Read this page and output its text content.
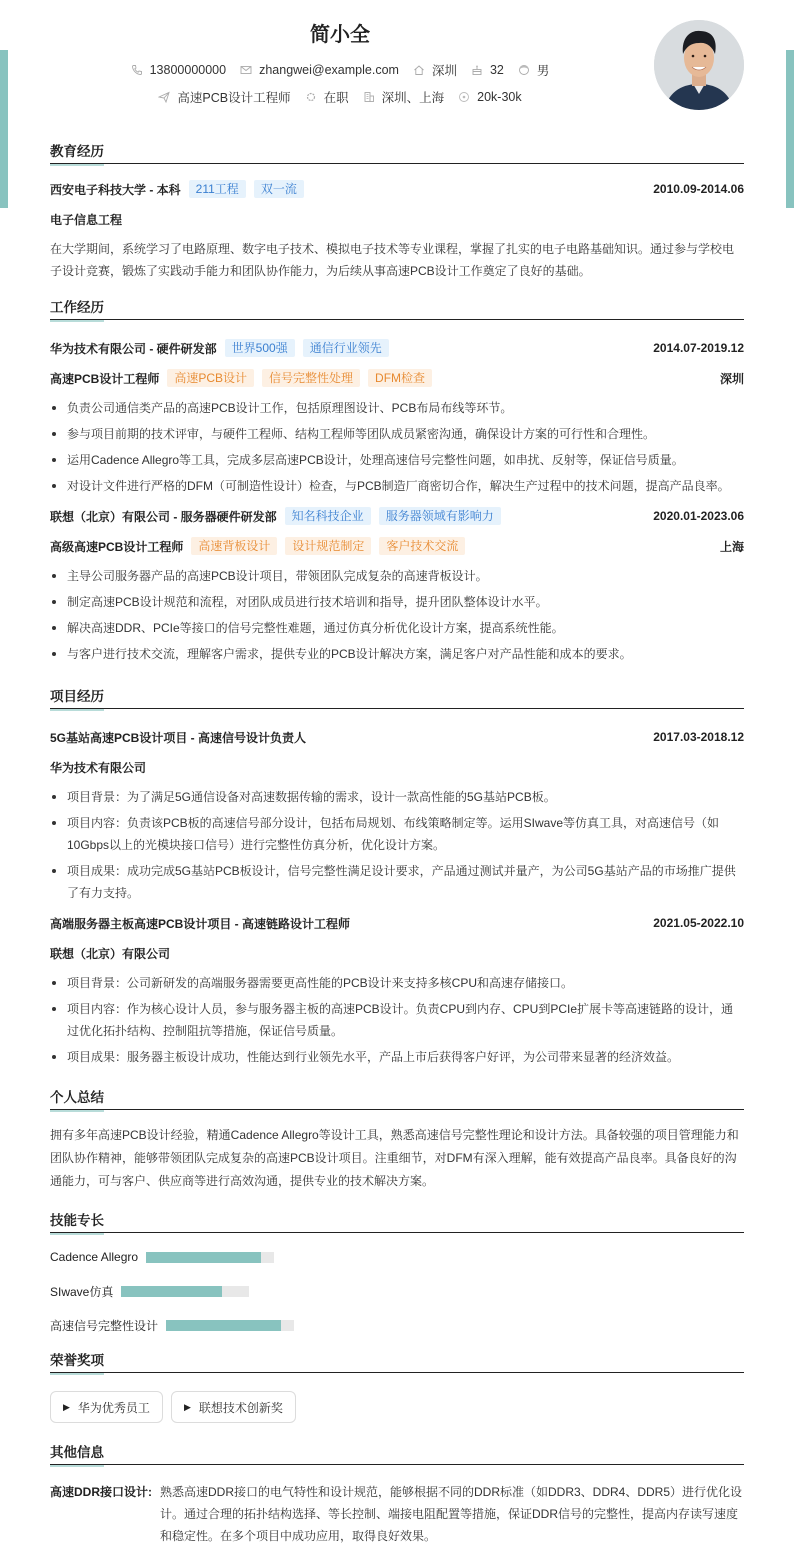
简小全
13800000000	zhangwei@example.com	深圳	32	男
高速PCB设计工程师	在职	深圳、上海	20k-30k
教育经历
西安电子科技大学 - 本科	211工程	双一流	2010.09-2014.06
电子信息工程
在大学期间，系统学习了电路原理、数字电子技术、模拟电子技术等专业课程，掌握了扎实的电子电路基础知识。通过参与学校电子设计竞赛，锻炼了实践动手能力和团队协作能力，为后续从事高速PCB设计工作奠定了良好的基础。
工作经历
华为技术有限公司 - 硬件研发部	世界500强	通信行业领先	2014.07-2019.12
高速PCB设计工程师	高速PCB设计	信号完整性处理	DFM检查	深圳
负责公司通信类产品的高速PCB设计工作，包括原理图设计、PCB布局布线等环节。
参与项目前期的技术评审，与硬件工程师、结构工程师等团队成员紧密沟通，确保设计方案的可行性和合理性。
运用Cadence Allegro等工具，完成多层高速PCB设计，处理高速信号完整性问题，如串扰、反射等，保证信号质量。
对设计文件进行严格的DFM（可制造性设计）检查，与PCB制造厂商密切合作，解决生产过程中的技术问题，提高产品良率。
联想（北京）有限公司 - 服务器硬件研发部	知名科技企业	服务器领域有影响力	2020.01-2023.06
高级高速PCB设计工程师	高速背板设计	设计规范制定	客户技术交流	上海
主导公司服务器产品的高速PCB设计项目，带领团队完成复杂的高速背板设计。
制定高速PCB设计规范和流程，对团队成员进行技术培训和指导，提升团队整体设计水平。
解决高速DDR、PCIe等接口的信号完整性难题，通过仿真分析优化设计方案，提高系统性能。
与客户进行技术交流，理解客户需求，提供专业的PCB设计解决方案，满足客户对产品性能和成本的要求。
项目经历
5G基站高速PCB设计项目 - 高速信号设计负责人	2017.03-2018.12
华为技术有限公司
项目背景：为了满足5G通信设备对高速数据传输的需求，设计一款高性能的5G基站PCB板。
项目内容：负责该PCB板的高速信号部分设计，包括布局规划、布线策略制定等。运用SIwave等仿真工具，对高速信号（如10Gbps以上的光模块接口信号）进行完整性仿真分析，优化设计方案。
项目成果：成功完成5G基站PCB板设计，信号完整性满足设计要求，产品通过测试并量产，为公司5G基站产品的市场推广提供了有力支持。
高端服务器主板高速PCB设计项目 - 高速链路设计工程师	2021.05-2022.10
联想（北京）有限公司
项目背景：公司新研发的高端服务器需要更高性能的PCB设计来支持多核CPU和高速存储接口。
项目内容：作为核心设计人员，参与服务器主板的高速PCB设计。负责CPU到内存、CPU到PCIe扩展卡等高速链路的设计，通过优化拓扑结构、控制阻抗等措施，保证信号质量。
项目成果：服务器主板设计成功，性能达到行业领先水平，产品上市后获得客户好评，为公司带来显著的经济效益。
个人总结
拥有多年高速PCB设计经验，精通Cadence Allegro等设计工具，熟悉高速信号完整性理论和设计方法。具备较强的项目管理能力和团队协作精神，能够带领团队完成复杂的高速PCB设计项目。注重细节，对DFM有深入理解，能有效提高产品良率。具备良好的沟通能力，可与客户、供应商等进行高效沟通，提供专业的技术解决方案。
技能专长
Cadence Allegro
SIwave仿真
高速信号完整性设计
荣誉奖项
▶ 华为优秀员工	▶ 联想技术创新奖
其他信息
高速DDR接口设计: 熟悉高速DDR接口的电气特性和设计规范，能够根据不同的DDR标准（如DDR3、DDR4、DDR5）进行优化设计。通过合理的拓扑结构选择、等长控制、端接电阻配置等措施，保证DDR信号的完整性，提高内存读写速度和稳定性。在多个项目中成功应用，取得良好效果。
